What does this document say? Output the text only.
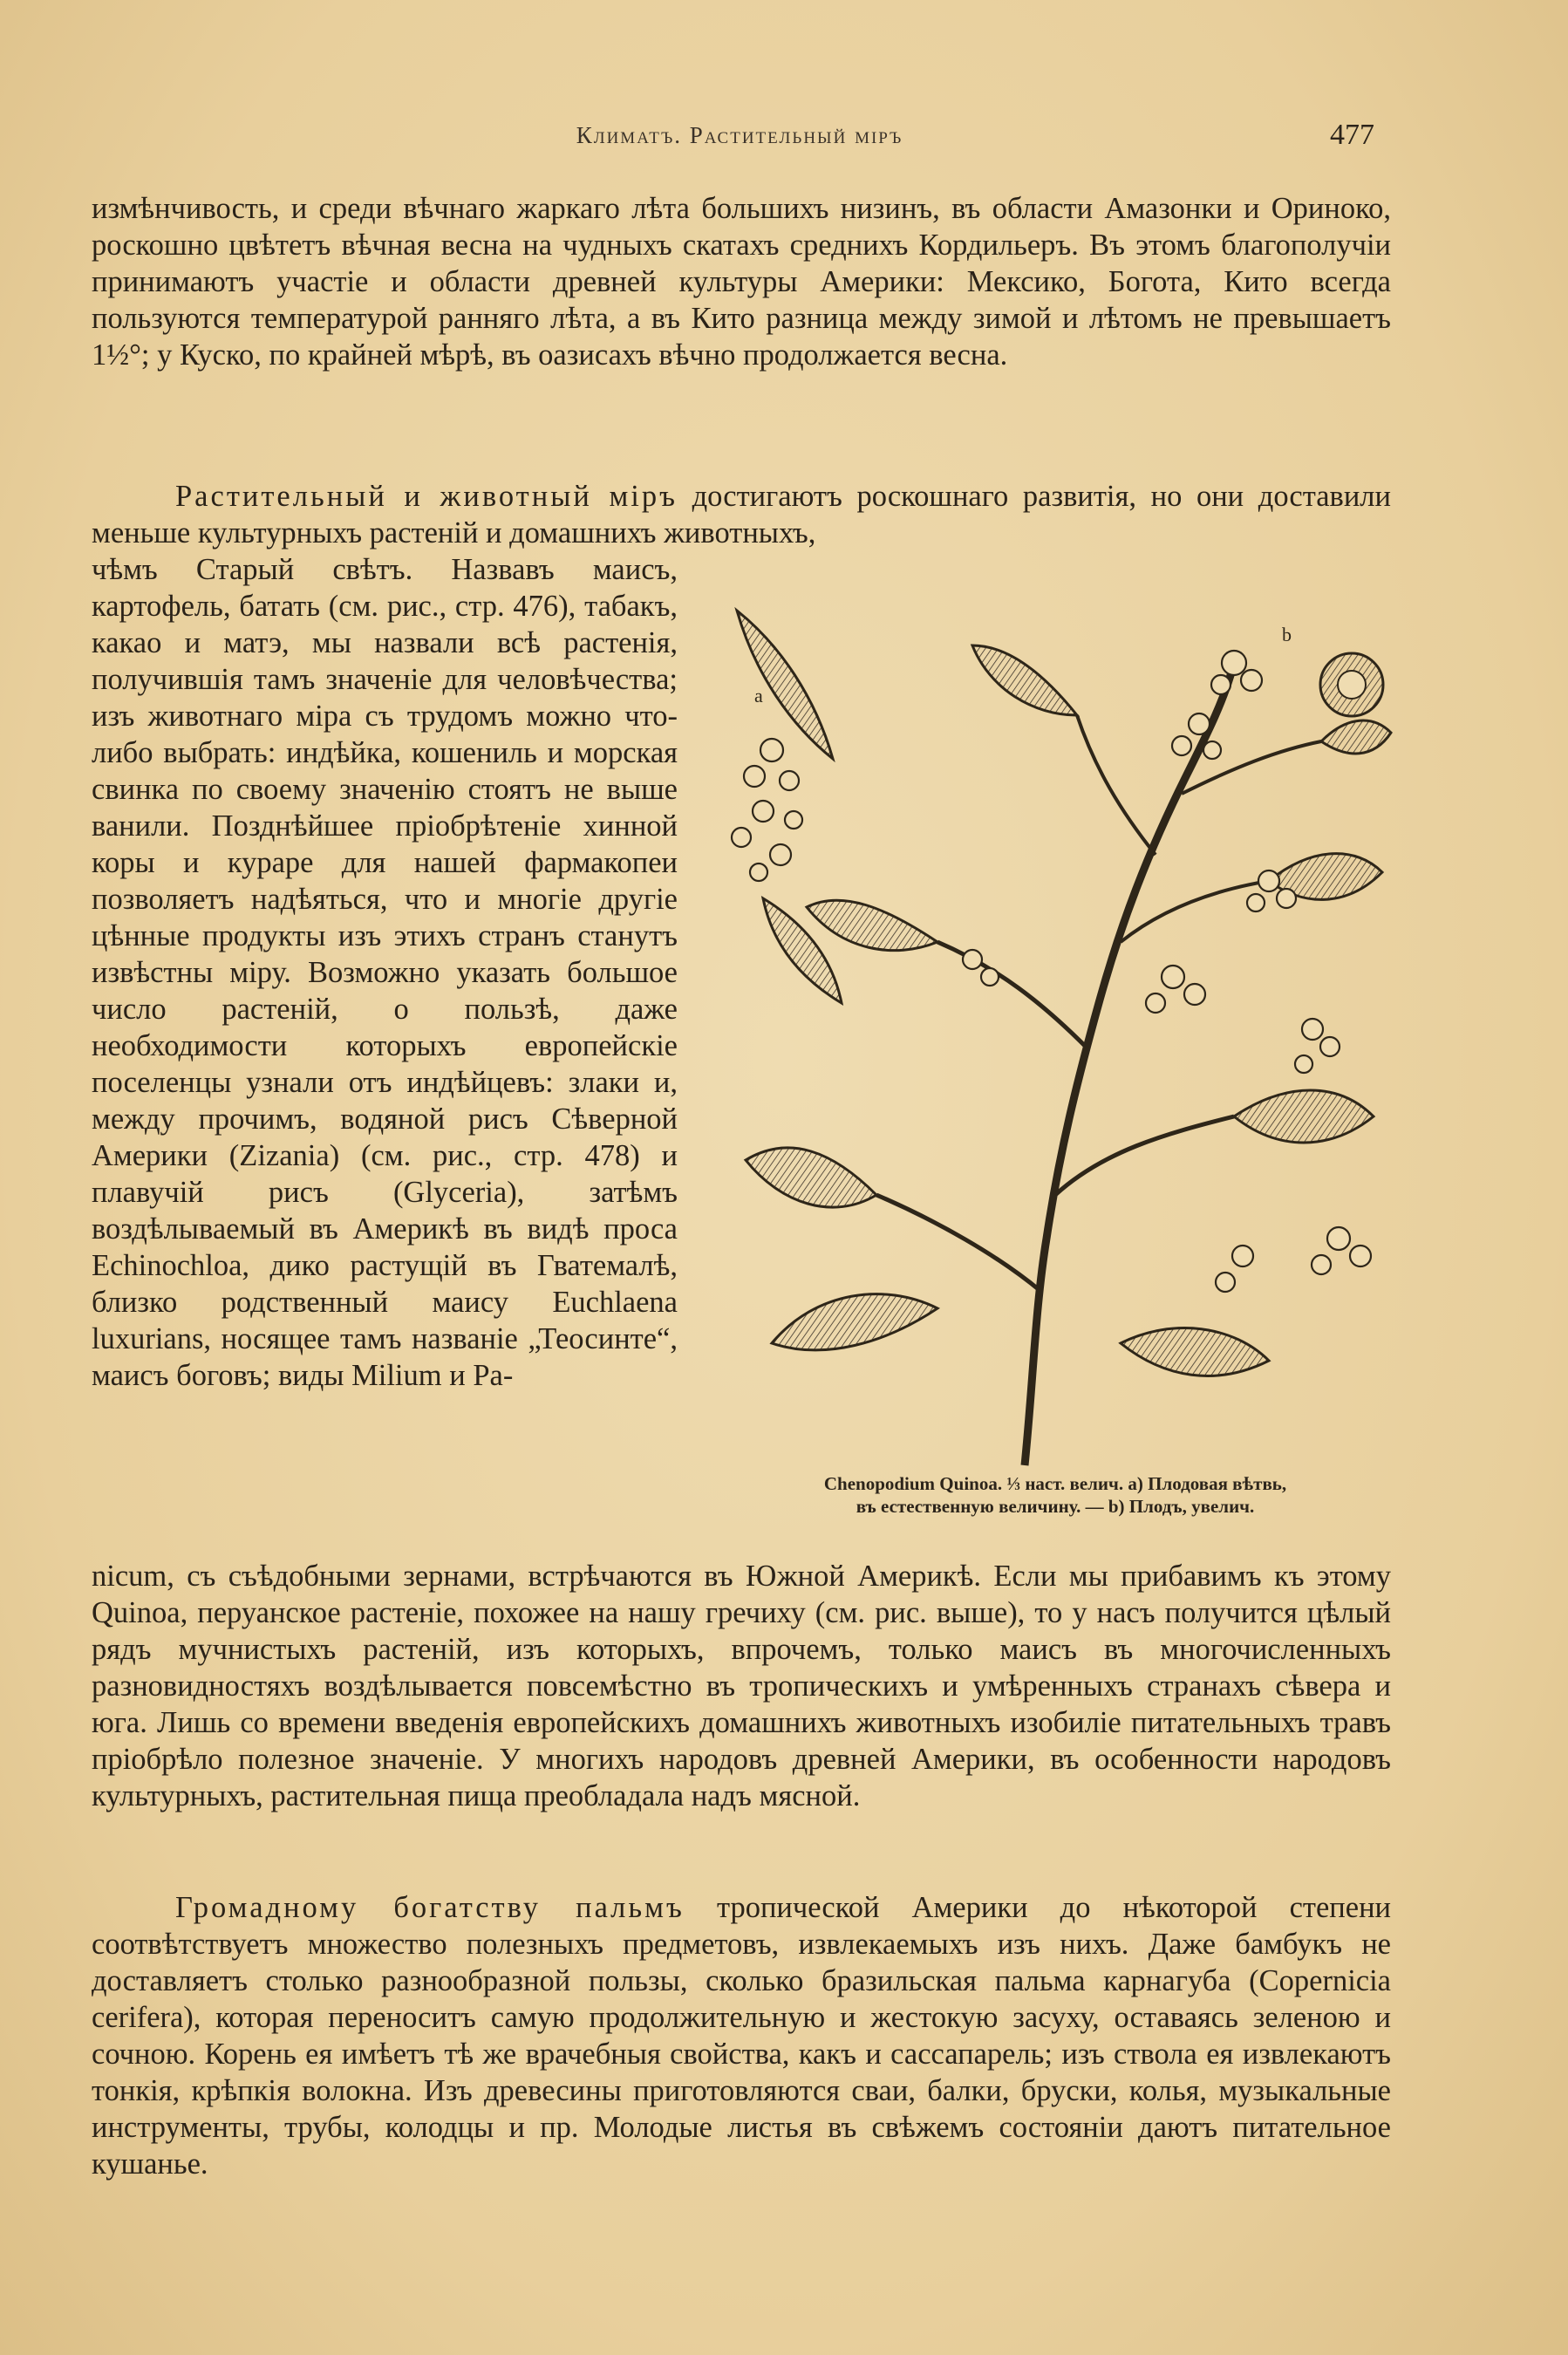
Климатъ. Растительный міръ	477

измѣнчивость, и среди вѣчнаго жаркаго лѣта большихъ низинъ, въ области Амазонки и Ориноко, роскошно цвѣтетъ вѣчная весна на чудныхъ скатахъ среднихъ Кордильеръ. Въ этомъ благополучіи принимаютъ участіе и области древней культуры Америки: Мексико, Богота, Кито всегда пользуются температурой ранняго лѣта, а въ Кито разница между зимой и лѣтомъ не превышаетъ 1½°; у Куско, по крайней мѣрѣ, въ оазисахъ вѣчно продолжается весна.

Растительный и животный міръ достигаютъ роскошнаго развитія, но они доставили меньше культурныхъ растеній и домашнихъ животныхъ,

чѣмъ Старый свѣтъ. Назвавъ маисъ, картофель, батать (см. рис., стр. 476), табакъ, какао и матэ, мы назвали всѣ растенія, получившія тамъ значеніе для человѣчества; изъ животнаго міра съ трудомъ можно что-либо выбрать: индѣйка, кошениль и морская свинка по своему значенію стоятъ не выше ванили. Позднѣйшее пріобрѣтеніе хинной коры и кураре для нашей фармакопеи позволяетъ надѣяться, что и многіе другіе цѣнные продукты изъ этихъ странъ станутъ извѣстны міру. Возможно указать большое число растеній, о пользѣ, даже необходимости которыхъ европейскіе поселенцы узнали отъ индѣйцевъ: злаки и, между прочимъ, водяной рисъ Сѣверной Америки (Zizania) (см. рис., стр. 478) и плавучій рисъ (Glyceria), затѣмъ воздѣлываемый въ Америкѣ въ видѣ проса Echinochloa, дико растущій въ Гватемалѣ, близко родственный маису Euchlaena luxurians, носящее тамъ названіе „Теосинте“, маисъ боговъ; виды Milium и Pa-

a
b
Chenopodium Quinoa. ⅓ наст. велич. a) Плодовая вѣтвь,
въ естественную величину. — b) Плодъ, увелич.

nicum, съ съѣдобными зернами, встрѣчаются въ Южной Америкѣ. Если мы прибавимъ къ этому Quinoa, перуанское растеніе, похожее на нашу гречиху (см. рис. выше), то у насъ получится цѣлый рядъ мучнистыхъ растеній, изъ которыхъ, впрочемъ, только маисъ въ многочисленныхъ разновидностяхъ воздѣлывается повсемѣстно въ тропическихъ и умѣренныхъ странахъ сѣвера и юга. Лишь со времени введенія европейскихъ домашнихъ животныхъ изобиліе питательныхъ травъ пріобрѣло полезное значеніе. У многихъ народовъ древней Америки, въ особенности народовъ культурныхъ, растительная пища преобладала надъ мясной.

Громадному богатству пальмъ тропической Америки до нѣкоторой степени соотвѣтствуетъ множество полезныхъ предметовъ, извлекаемыхъ изъ нихъ. Даже бамбукъ не доставляетъ столько разнообразной пользы, сколько бразильская пальма карнагуба (Copernicia cerifera), которая переноситъ самую продолжительную и жестокую засуху, оставаясь зеленою и сочною. Корень ея имѣетъ тѣ же врачебныя свойства, какъ и сассапарель; изъ ствола ея извлекаютъ тонкія, крѣпкія волокна. Изъ древесины приготовляются сваи, балки, бруски, колья, музыкальные инструменты, трубы, колодцы и пр. Молодые листья въ свѣжемъ состояніи даютъ питательное кушанье.
